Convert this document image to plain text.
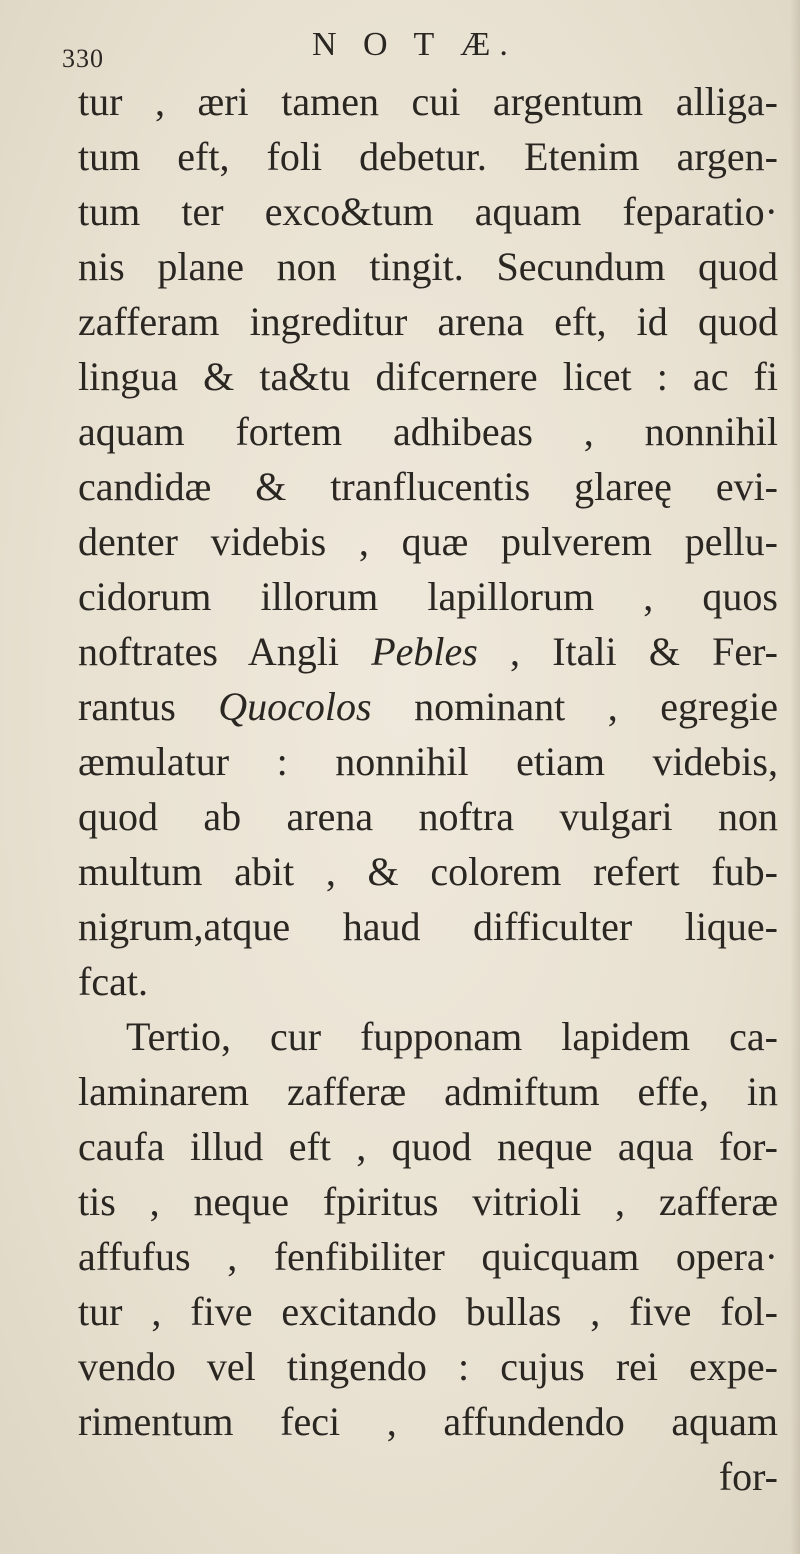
330	N O T Æ.
tur , æri tamen cui argentum alliga-
tum eft, foli debetur. Etenim argen-
tum ter exco&tum aquam feparatio·
nis plane non tingit. Secundum quod
zafferam ingreditur arena eft, id quod
lingua & ta&tu difcernere licet : ac fi
aquam fortem adhibeas , nonnihil
candidæ & tranflucentis glareę evi-
denter videbis , quæ pulverem pellu-
cidorum illorum lapillorum , quos
noftrates Angli Pebles , Itali & Fer-
rantus Quocolos nominant , egregie
æmulatur : nonnihil etiam videbis,
quod ab arena noftra vulgari non
multum abit , & colorem refert fub-
nigrum,atque haud difficulter lique-
fcat.
Tertio, cur fupponam lapidem ca-
laminarem zafferæ admiftum effe, in
caufa illud eft , quod neque aqua for-
tis , neque fpiritus vitrioli , zafferæ
affufus , fenfibiliter quicquam opera·
tur , five excitando bullas , five fol-
vendo vel tingendo : cujus rei expe-
rimentum feci , affundendo aquam
for-
